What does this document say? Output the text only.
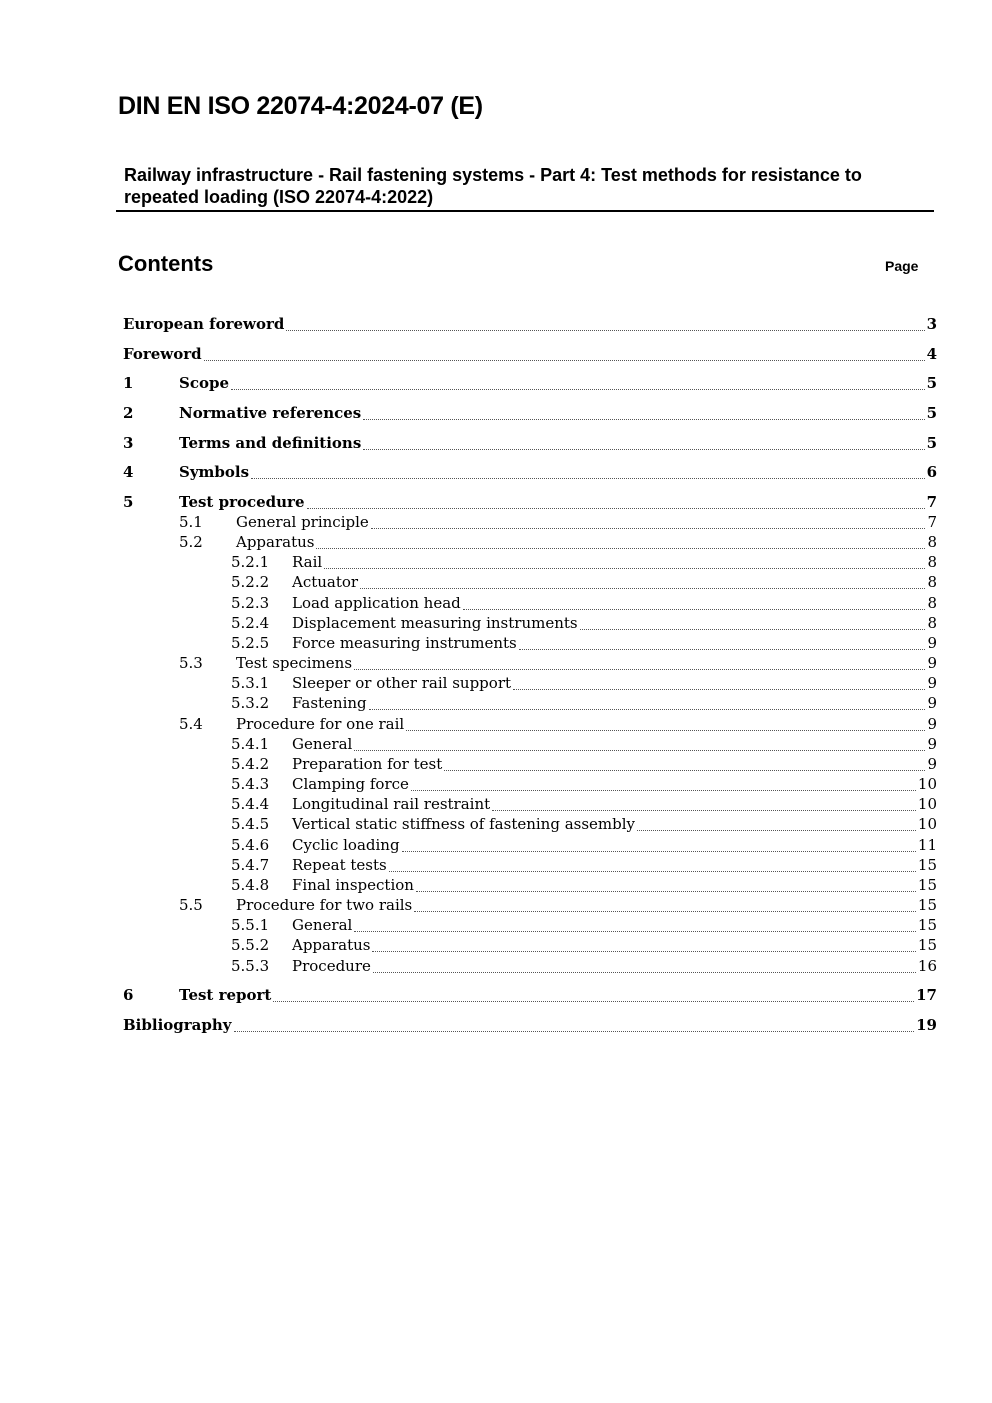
DIN EN ISO 22074-4:2024-07 (E)
Railway infrastructure - Rail fastening systems - Part 4: Test methods for resistance to repeated loading (ISO 22074-4:2022)
Contents	Page
European foreword	3
Foreword	4
1	Scope	5
2	Normative references	5
3	Terms and definitions	5
4	Symbols	6
5	Test procedure	7
5.1	General principle	7
5.2	Apparatus	8
5.2.1	Rail	8
5.2.2	Actuator	8
5.2.3	Load application head	8
5.2.4	Displacement measuring instruments	8
5.2.5	Force measuring instruments	9
5.3	Test specimens	9
5.3.1	Sleeper or other rail support	9
5.3.2	Fastening	9
5.4	Procedure for one rail	9
5.4.1	General	9
5.4.2	Preparation for test	9
5.4.3	Clamping force	10
5.4.4	Longitudinal rail restraint	10
5.4.5	Vertical static stiffness of fastening assembly	10
5.4.6	Cyclic loading	11
5.4.7	Repeat tests	15
5.4.8	Final inspection	15
5.5	Procedure for two rails	15
5.5.1	General	15
5.5.2	Apparatus	15
5.5.3	Procedure	16
6	Test report	17
Bibliography	19
